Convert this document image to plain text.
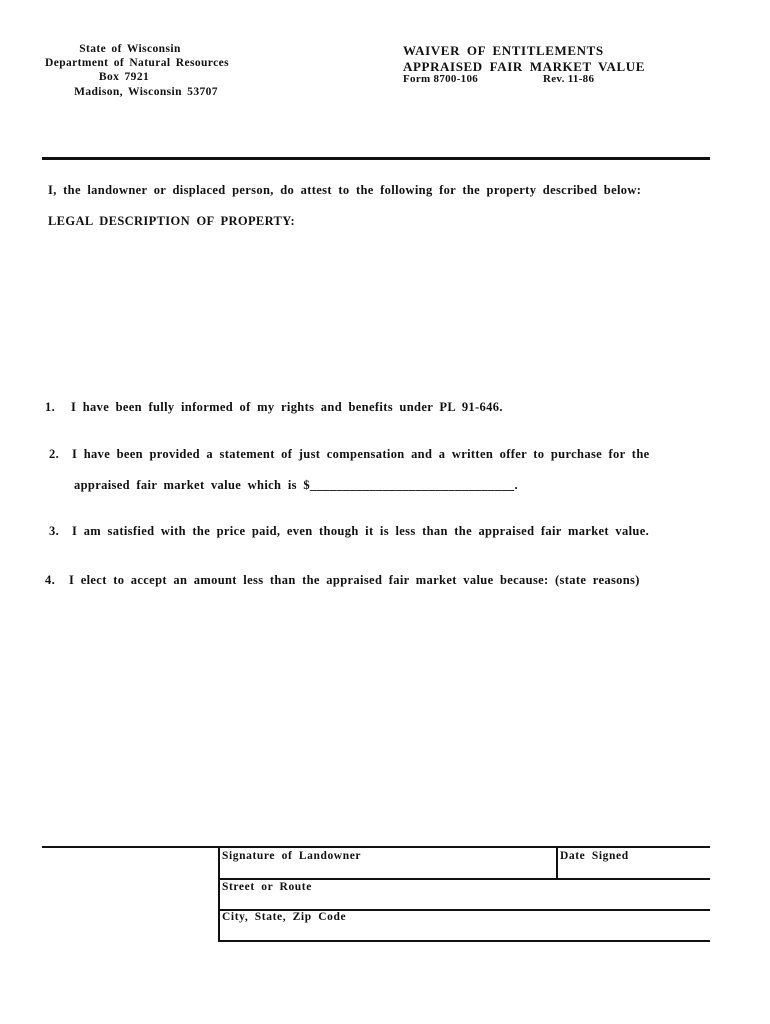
State of Wisconsin
Department of Natural Resources
Box 7921
Madison, Wisconsin 53707
WAIVER OF ENTITLEMENTS
APPRAISED FAIR MARKET VALUE
Form 8700-106	Rev. 11-86
I, the landowner or displaced person, do attest to the following for the property described below:
LEGAL DESCRIPTION OF PROPERTY:
1. I have been fully informed of my rights and benefits under PL 91-646.
2. I have been provided a statement of just compensation and a written offer to purchase for the
appraised fair market value which is $_______________________________.
3. I am satisfied with the price paid, even though it is less than the appraised fair market value.
4. I elect to accept an amount less than the appraised fair market value because: (state reasons)
Signature of Landowner	Date Signed
Street or Route
City, State, Zip Code
